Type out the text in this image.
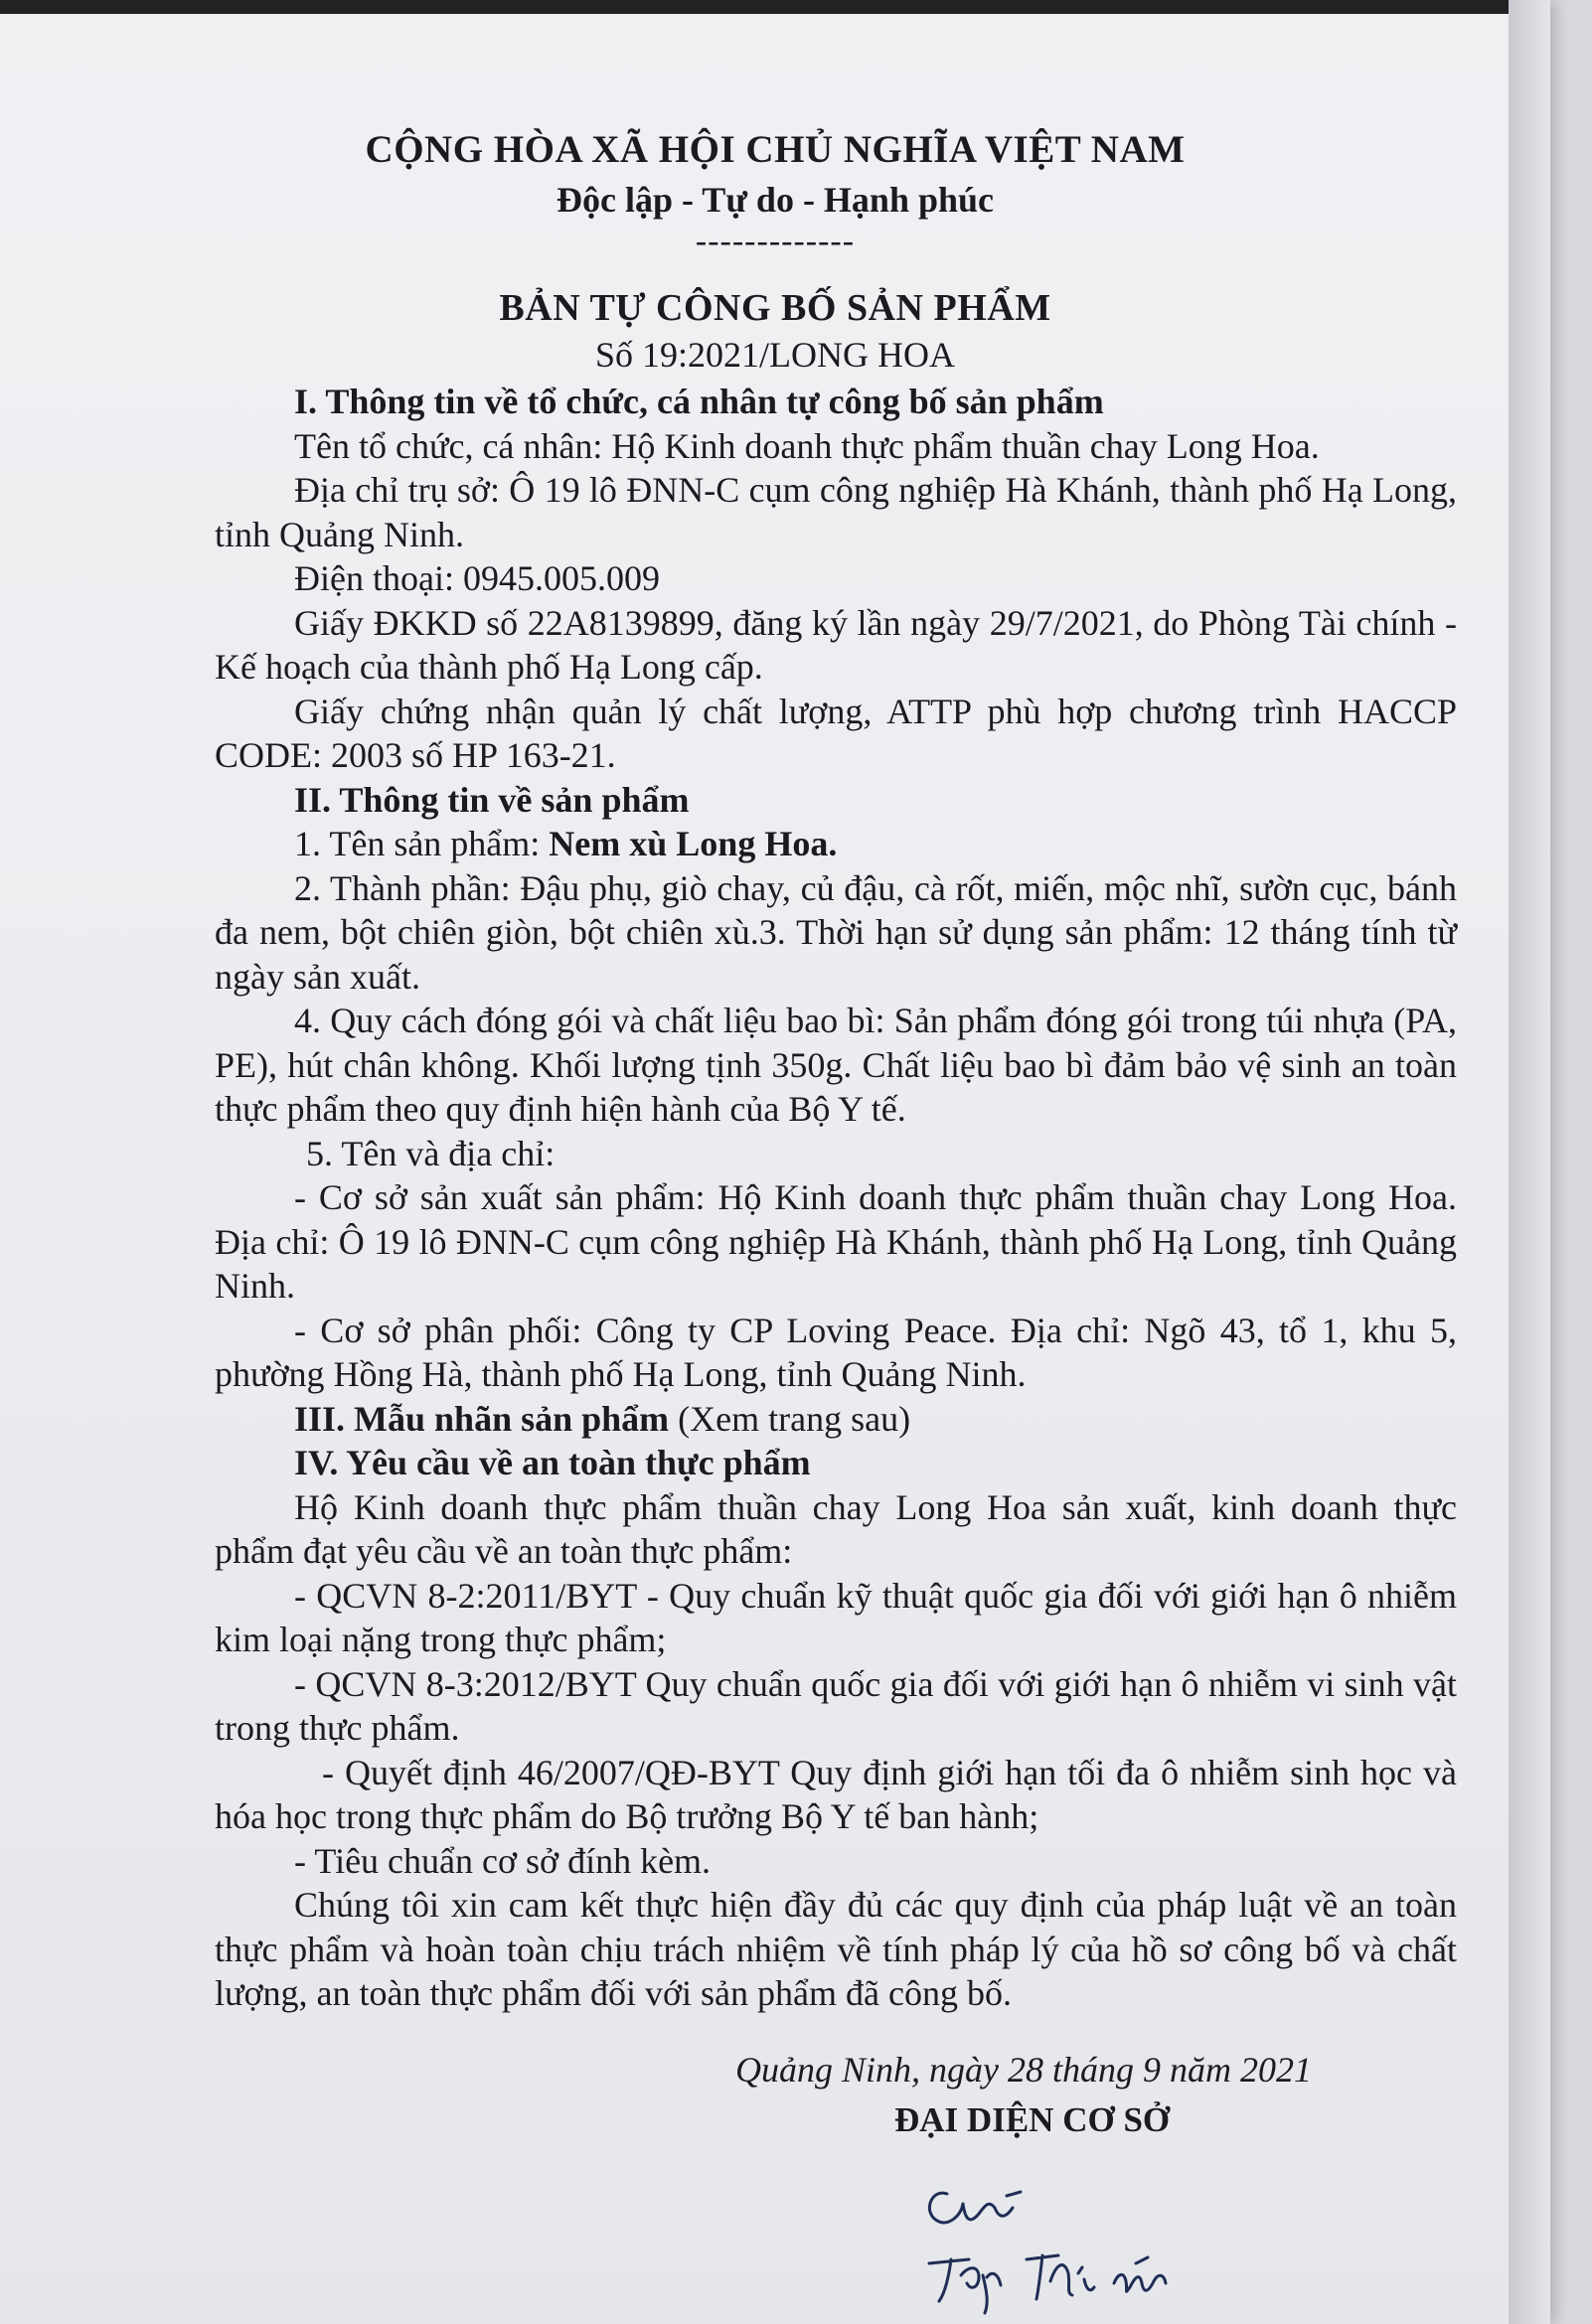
CỘNG HÒA XÃ HỘI CHỦ NGHĨA VIỆT NAM
Độc lập - Tự do - Hạnh phúc
-------------
BẢN TỰ CÔNG BỐ SẢN PHẨM
Số 19:2021/LONG HOA

I. Thông tin về tổ chức, cá nhân tự công bố sản phẩm

Tên tổ chức, cá nhân: Hộ Kinh doanh thực phẩm thuần chay Long Hoa.

Địa chỉ trụ sở: Ô 19 lô ĐNN-C cụm công nghiệp Hà Khánh, thành phố Hạ Long, tỉnh Quảng Ninh.

Điện thoại: 0945.005.009

Giấy ĐKKD số 22A8139899, đăng ký lần ngày 29/7/2021, do Phòng Tài chính - Kế hoạch của thành phố Hạ Long cấp.

Giấy chứng nhận quản lý chất lượng, ATTP phù hợp chương trình HACCP CODE: 2003 số HP 163-21.

II. Thông tin về sản phẩm

1. Tên sản phẩm: Nem xù Long Hoa.

2. Thành phần: Đậu phụ, giò chay, củ đậu, cà rốt, miến, mộc nhĩ, sườn cục, bánh đa nem, bột chiên giòn, bột chiên xù.3. Thời hạn sử dụng sản phẩm: 12 tháng tính từ ngày sản xuất.

4. Quy cách đóng gói và chất liệu bao bì: Sản phẩm đóng gói trong túi nhựa (PA, PE), hút chân không. Khối lượng tịnh 350g. Chất liệu bao bì đảm bảo vệ sinh an toàn thực phẩm theo quy định hiện hành của Bộ Y tế.

5. Tên và địa chỉ:

- Cơ sở sản xuất sản phẩm: Hộ Kinh doanh thực phẩm thuần chay Long Hoa. Địa chỉ: Ô 19 lô ĐNN-C cụm công nghiệp Hà Khánh, thành phố Hạ Long, tỉnh Quảng Ninh.

- Cơ sở phân phối: Công ty CP Loving Peace. Địa chỉ: Ngõ 43, tổ 1, khu 5, phường Hồng Hà, thành phố Hạ Long, tỉnh Quảng Ninh.

III. Mẫu nhãn sản phẩm (Xem trang sau)

IV. Yêu cầu về an toàn thực phẩm

Hộ Kinh doanh thực phẩm thuần chay Long Hoa sản xuất, kinh doanh thực phẩm đạt yêu cầu về an toàn thực phẩm:

- QCVN 8-2:2011/BYT - Quy chuẩn kỹ thuật quốc gia đối với giới hạn ô nhiễm kim loại nặng trong thực phẩm;

- QCVN 8-3:2012/BYT Quy chuẩn quốc gia đối với giới hạn ô nhiễm vi sinh vật trong thực phẩm.

- Quyết định 46/2007/QĐ-BYT Quy định giới hạn tối đa ô nhiễm sinh học và hóa học trong thực phẩm do Bộ trưởng Bộ Y tế ban hành;

- Tiêu chuẩn cơ sở đính kèm.

Chúng tôi xin cam kết thực hiện đầy đủ các quy định của pháp luật về an toàn thực phẩm và hoàn toàn chịu trách nhiệm về tính pháp lý của hồ sơ công bố và chất lượng, an toàn thực phẩm đối với sản phẩm đã công bố.

Quảng Ninh, ngày 28 tháng 9 năm 2021
ĐẠI DIỆN CƠ SỞ
